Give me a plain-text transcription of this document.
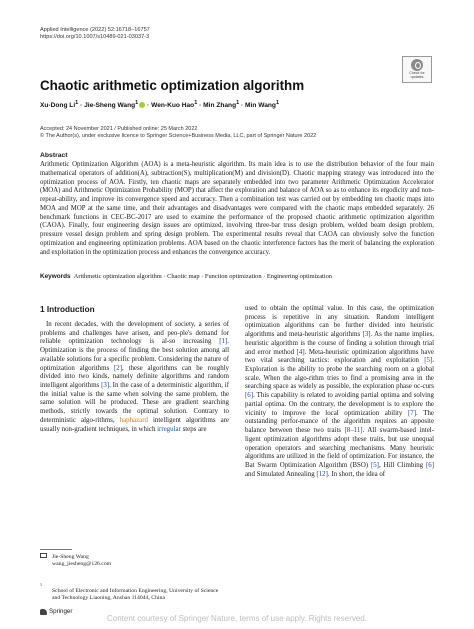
Applied Intelligence (2022) 52:16718–16757
https://doi.org/10.1007/s10489-021-03037-3
Check for
updates
Chaotic arithmetic optimization algorithm
Xu-Dong $Li^1$ · Jie-Sheng Wang$^1$ · Wen-Kuo Hao$^1$ · Min Zhang$^1$ · Min Wang$^1$
Accepted: 24 November 2021 / Published online: 25 March 2022
© The Author(s), under exclusive licence to Springer Science+Business Media, LLC, part of Springer Nature 2022
Abstract
Arithmetic Optimization Algorithm (AOA) is a meta-heuristic algorithm. Its main idea is to use the distribution behavior of the four main mathematical operators of addition(A), subtraction(S), multiplication(M) and division(D). Chaotic mapping strategy was introduced into the optimization process of AOA. Firstly, ten chaotic maps are separately embedded into two parameter Arithmetic Optimization Accelerator (MOA) and Arithmetic Optimization Probability (MOP) that affect the exploration and balance of AOA so as to enhance its ergodicity and non-repeat-ability, and improve its convergence speed and accuracy. Then a combination test was carried out by embedding ten chaotic maps into MOA and MOP at the same time, and their advantages and disadvantages were compared with the chaotic maps embedded separately. 26 benchmark functions in CEC-BC-2017 are used to examine the performance of the proposed chaotic arithmetic optimization algorithm (CAOA). Finally, four engineering design issues are optimized, involving three-bar truss design problem, welded beam design problem, pressure vessel design problem and spring design problem. The experimental results reveal that CAOA can obviously solve the function optimization and engineering optimization problems. AOA based on the chaotic interference factors has the merit of balancing the exploration and exploitation in the optimization process and enhances the convergence accuracy.
Keywords Arithmetic optimization algorithm · Chaotic map · Function optimization · Engineering optimization
1 Introduction

In recent decades, with the development of society, a series of problems and challenges have arisen, and peo-ple's demand for reliable optimization technology is al-so increasing [1]. Optimization is the process of finding the best solution among all available solutions for a specific problem. Considering the nature of optimization algorithms [2], these algorithms can be roughly divided into two kinds, namely definite algorithms and random intelligent algorithms [3]. In the case of a deterministic algorithm, if the initial value is the same when solving the same problem, the same solution will be produced. These are gradient searching methods, strictly towards the optimal solution. Contrary to deterministic algo-rithms, haphazard intelligent algorithms are usually non-gradient techniques, in which irregular steps are

used to obtain the optimal value. In this case, the optimization process is repetitive in any situation. Random intelligent optimization algorithms can be further divided into heuristic algorithms and meta-heuristic algorithms [3]. As the name implies, heuristic algorithm is the course of finding a solution through trial and error method [4]. Meta-heuristic optimization algorithms have two vital searching tactics: exploration and exploitation [5]. Exploration is the ability to probe the searching room on a global scale. When the algo-rithm tries to find a promising area in the searching space as widely as possible, the exploration phase oc-curs [6]. This capability is related to avoiding partial optima and solving partial optima. On the contrary, the development is to explore the vicinity to improve the local optimization ability [7]. The outstanding perfor-mance of the algorithm requires an apposite balance between these two traits [8–11]. All swarm-based intel-ligent optimization algorithms adopt these traits, but use unequal operation operators and searching mechanisms. Many heuristic algorithms are utilized in the field of optimization. For instance, the Bat Swarm Optimization Algorithm (BSO) [5], Hill Climbing [6] and Simulated Annealing [12]. In short, the idea of
Jie-Sheng Wang
wang_jiesheng@126.com
$^1$
School of Electronic and Information Engineering, University of Science and Technology Liaoning, Anshan 114044, China
Springer
Content courtesy of Springer Nature, terms of use apply. Rights reserved.
